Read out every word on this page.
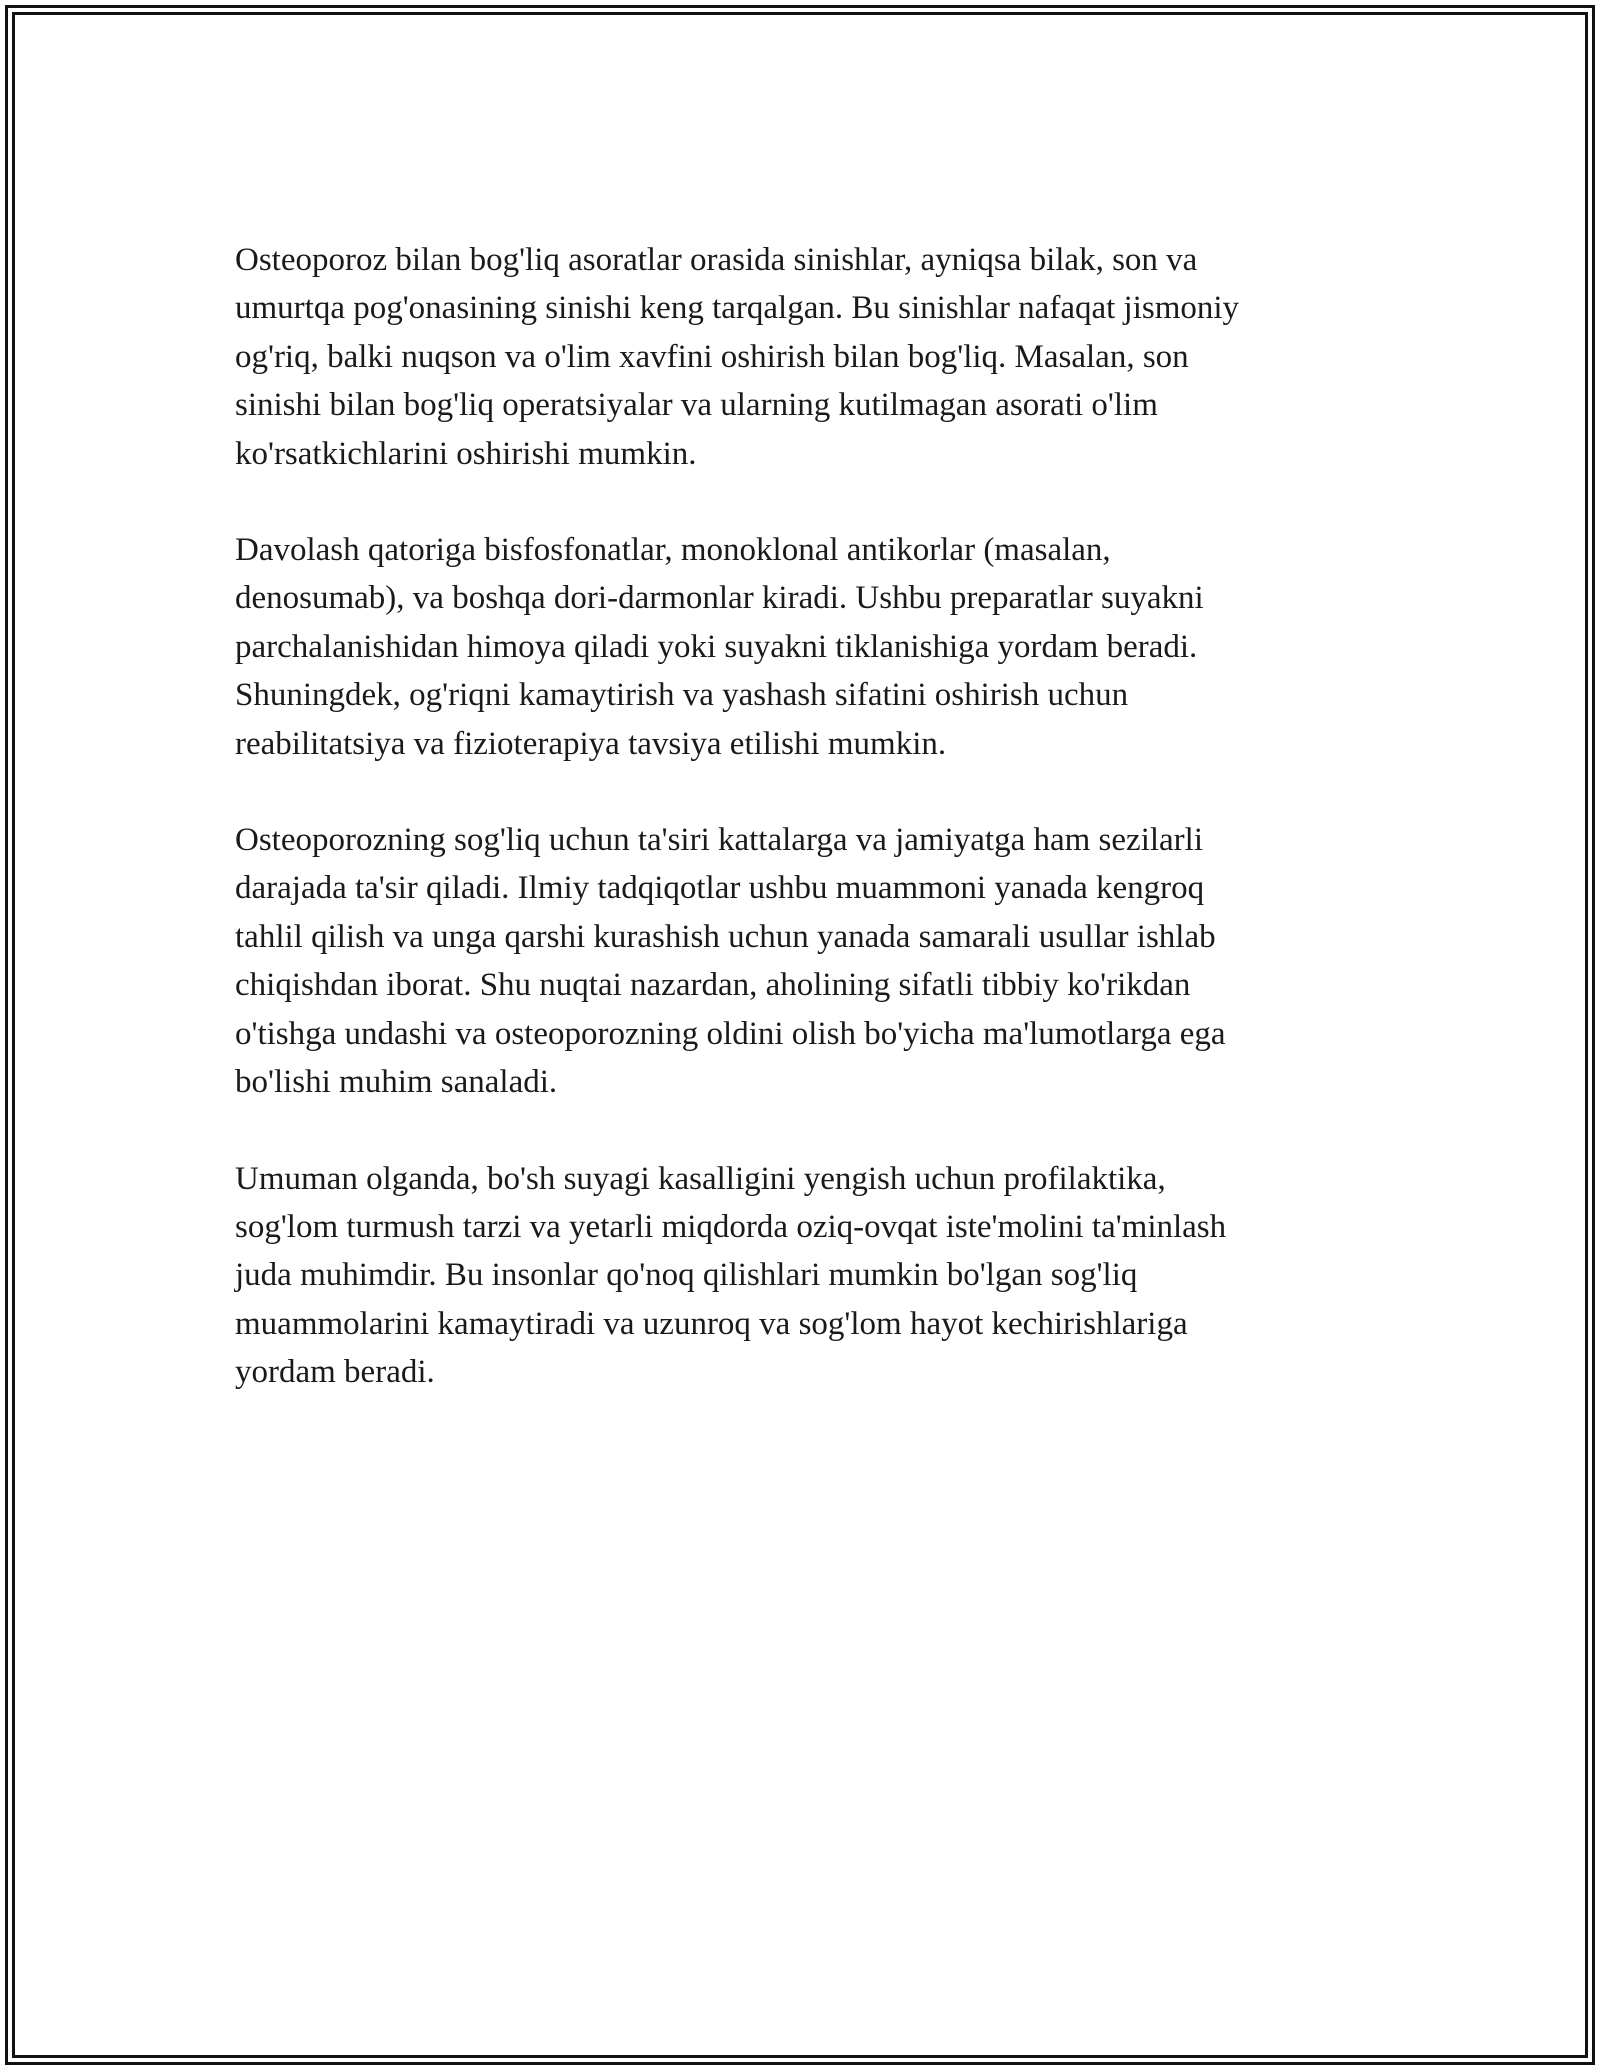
Osteoporoz bilan bog'liq asoratlar orasida sinishlar, ayniqsa bilak, son va
umurtqa pog'onasining sinishi keng tarqalgan. Bu sinishlar nafaqat jismoniy
og'riq, balki nuqson va o'lim xavfini oshirish bilan bog'liq. Masalan, son
sinishi bilan bog'liq operatsiyalar va ularning kutilmagan asorati o'lim
ko'rsatkichlarini oshirishi mumkin.

Davolash qatoriga bisfosfonatlar, monoklonal antikorlar (masalan,
denosumab), va boshqa dori-darmonlar kiradi. Ushbu preparatlar suyakni
parchalanishidan himoya qiladi yoki suyakni tiklanishiga yordam beradi.
Shuningdek, og'riqni kamaytirish va yashash sifatini oshirish uchun
reabilitatsiya va fizioterapiya tavsiya etilishi mumkin.

Osteoporozning sog'liq uchun ta'siri kattalarga va jamiyatga ham sezilarli
darajada ta'sir qiladi. Ilmiy tadqiqotlar ushbu muammoni yanada kengroq
tahlil qilish va unga qarshi kurashish uchun yanada samarali usullar ishlab
chiqishdan iborat. Shu nuqtai nazardan, aholining sifatli tibbiy ko'rikdan
o'tishga undashi va osteoporozning oldini olish bo'yicha ma'lumotlarga ega
bo'lishi muhim sanaladi.

Umuman olganda, bo'sh suyagi kasalligini yengish uchun profilaktika,
sog'lom turmush tarzi va yetarli miqdorda oziq-ovqat iste'molini ta'minlash
juda muhimdir. Bu insonlar qo'noq qilishlari mumkin bo'lgan sog'liq
muammolarini kamaytiradi va uzunroq va sog'lom hayot kechirishlariga
yordam beradi.
